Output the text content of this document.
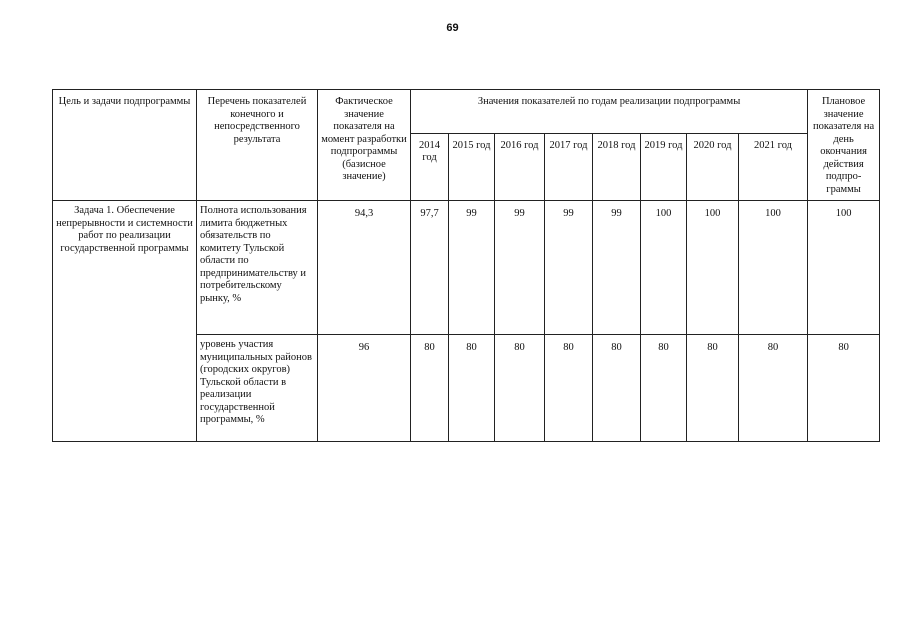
69
Цель и задачи подпрограммы	Перечень показателей конечного и непосредственного результата	Фактическое значение показателя на момент разработки подпрограммы (базисное значение)	Значения показателей по годам реализации подпрограммы								Плановое значение показателя на день окончания действия подпро-граммы
			2014 год	2015 год	2016 год	2017 год	2018 год	2019 год	2020 год	2021 год	
Задача 1. Обеспечение непрерывности и системности работ по реализации государственной программы	Полнота использования лимита бюджетных обязательств по комитету Тульской области по предпринимательству и потребительскому рынку, %	94,3	97,7	99	99	99	99	100	100	100	100
	уровень участия муниципальных районов (городских округов) Тульской области в реализации государственной программы, %	96	80	80	80	80	80	80	80	80	80
